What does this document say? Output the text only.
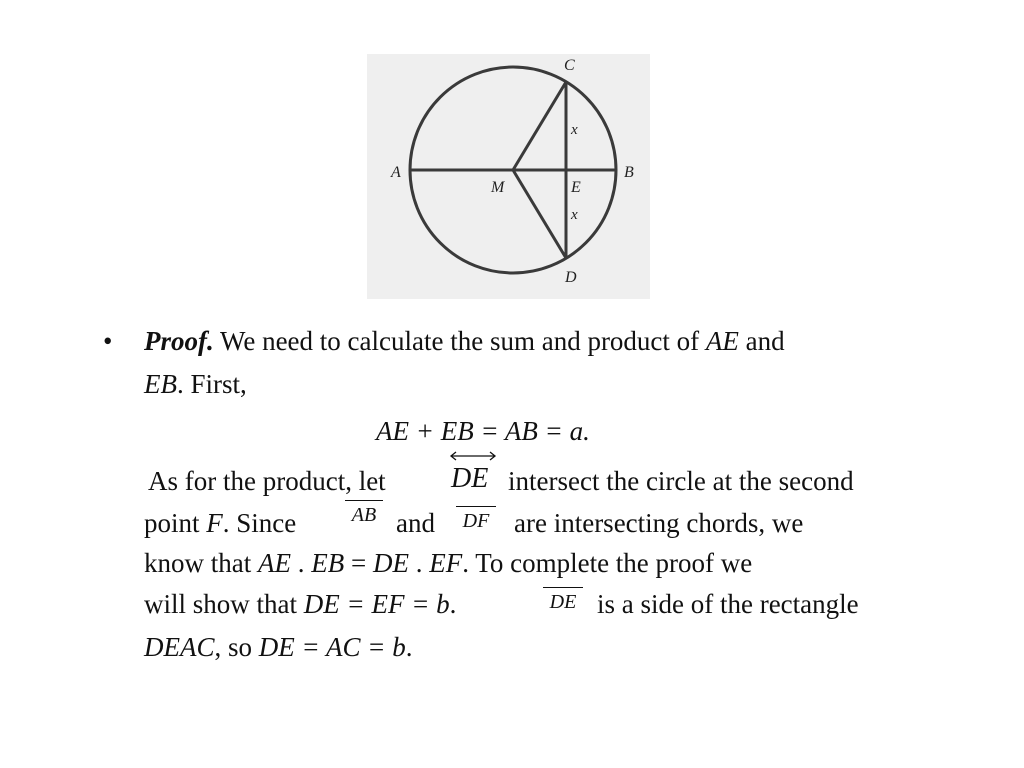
C
D
A	B
M	E
x
x
• Proof. We need to calculate the sum and product of AE and
EB. First,
AE + EB = AB = a.
As for the product, let DE intersect the circle at the second
point F. Since	AB and	DF are intersecting chords, we
know that AE . EB = DE . EF. To complete the proof we
will show that DE = EF = b.	DE is a side of the rectangle
DEAC, so DE = AC = b.
